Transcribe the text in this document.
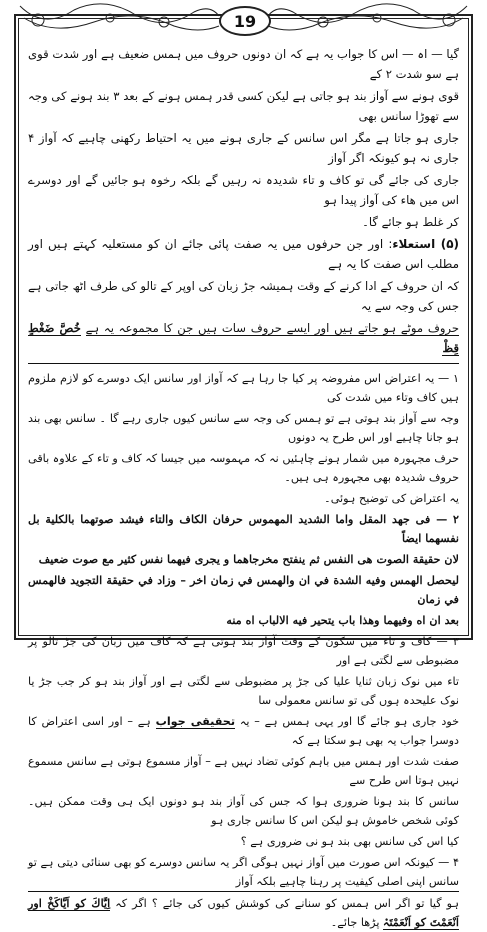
19
گیا — اہ — اس کا جواب یہ ہے کہ ان دونوں حروف میں ہمس ضعیف ہے اور شدت قوی ہے سو شدت ۲ کے
قوی ہونے سے آواز بند ہو جاتی ہے لیکن کسی قدر ہمس ہونے کے بعد ۳ بند ہونے کی وجہ سے تھوڑا سانس بھی
جاری ہو جاتا ہے مگر اس سانس کے جاری ہونے میں یہ احتیاط رکھنی چاہیے کہ آواز ۴ جاری نہ ہو کیونکہ اگر آواز
جاری کی جائے گی تو کاف و تاء شدیدہ نہ رہیں گے بلکہ رخوہ ہو جائیں گے اور دوسرے اس میں ھاء کی آواز پیدا ہو
کر غلط ہو جائے گا۔
(۵) استعلاء: اور جن حرفوں میں یہ صفت پائی جائے ان کو مستعلیہ کہتے ہیں اور مطلب اس صفت کا یہ ہے
کہ ان حروف کے ادا کرنے کے وقت ہمیشہ جڑ زبان کی اوپر کے تالو کی طرف اٹھ جاتی ہے جس کی وجہ سے یہ
حروف موٹے ہو جاتے ہیں اور ایسے حروف سات ہیں جن کا مجموعہ یہ ہے خُصَّ ضَغْطٍ قِظْ
۱ — یہ اعتراض اس مفروضہ پر کیا جا رہا ہے کہ آواز اور سانس ایک دوسرے کو لازم ملزوم ہیں کاف وتاء میں شدت کی
وجہ سے آواز بند ہوتی ہے تو ہمس کی وجہ سے سانس کیوں جاری رہے گا ۔ سانس بھی بند ہو جانا چاہیے اور اس طرح یہ دونوں
حرف مجہورہ میں شمار ہونے چاہئیں نہ کہ مہموسہ میں جیسا کہ کاف و تاء کے علاوہ باقی حروف شدیدہ بھی مجہورہ ہی ہیں۔
یہ اعتراض کی توضیح ہوئی۔
۲ — فی جهد المقل واما الشديد المهموس حرفان الكاف والتاء فيشد صوتهما بالكلية بل نفسهما ايضاً
لان حقيقة الصوت هی النفس ثم ينفتح مخرجاهما و يجری فيهما نفس كثير مع صوت ضعيف
ليحصل الهمس وفيه الشدة في ان والهمس في زمان اخر – وزاد في حقيقة التجويد فالهمس في زمان
بعد ان اه وفيهما وهذا باب يتحير فيه الالباب اه منه
۳ — کاف و تاء میں سکون کے وقت آواز بند ہوتی ہے کہ کاف میں زبان کی جڑ تالو پر مضبوطی سے لگتی ہے اور
تاء میں نوک زبان ثنایا علیا کی جڑ پر مضبوطی سے لگتی ہے اور آواز بند ہو کر جب جڑ یا نوک علیحدہ ہوں گی تو سانس معمولی سا
خود جاری ہو جائے گا اور یہی ہمس ہے – یہ تحقیقی جواب ہے – اور اسی اعتراض کا دوسرا جواب یہ بھی ہو سکتا ہے کہ
صفت شدت اور ہمس میں باہم کوئی تضاد نہیں ہے – آواز مسموع ہوتی ہے سانس مسموع نہیں ہوتا اس طرح سے
سانس کا بند ہونا ضروری ہوا کہ جس کی آواز بند ہو دونوں ایک ہی وقت ممکن ہیں۔ کوئی شخص خاموش ہو لیکن اس کا سانس جاری ہو
کیا اس کی سانس بھی بند ہو نی ضروری ہے ؟
۴ — کیونکہ اس صورت میں آواز نہیں ہوگی اگر یہ سانس دوسرے کو بھی سنائی دیتی ہے تو سانس اپنی اصلی کیفیت پر رہنا چاہیے بلکہ آواز
ہو گیا تو اگر اس ہمس کو سنانے کی کوشش کیوں کی جائے ؟ اگر کہ اِیَّاكَ کو اَیَّاکَخْ اور اَنْعَمْتَ کو اَنْعَمْتَہْ پڑھا جائے۔
